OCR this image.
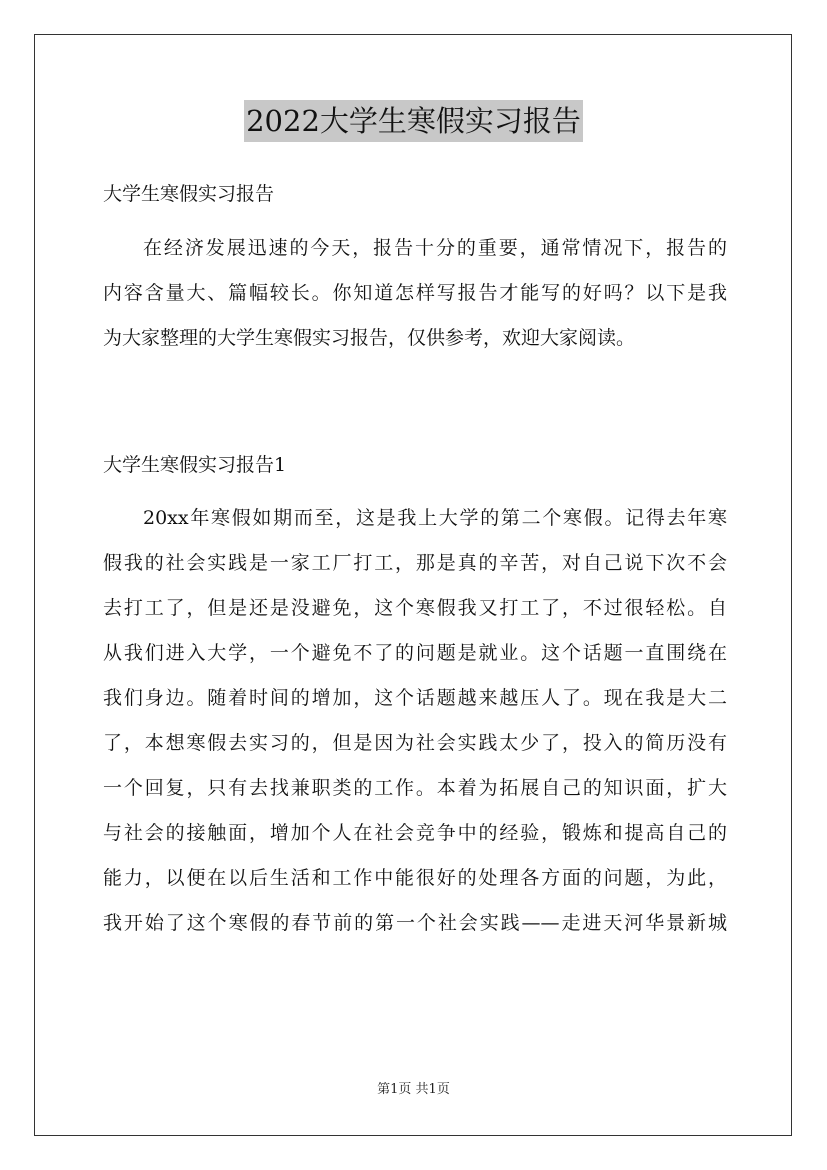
2022大学生寒假实习报告
大学生寒假实习报告
在经济发展迅速的今天，报告十分的重要，通常情况下，报告的
内容含量大、篇幅较长。你知道怎样写报告才能写的好吗？以下是我
为大家整理的大学生寒假实习报告，仅供参考，欢迎大家阅读。
大学生寒假实习报告1
20xx年寒假如期而至，这是我上大学的第二个寒假。记得去年寒
假我的社会实践是一家工厂打工，那是真的辛苦，对自己说下次不会
去打工了，但是还是没避免，这个寒假我又打工了，不过很轻松。自
从我们进入大学，一个避免不了的问题是就业。这个话题一直围绕在
我们身边。随着时间的增加，这个话题越来越压人了。现在我是大二
了，本想寒假去实习的，但是因为社会实践太少了，投入的简历没有
一个回复，只有去找兼职类的工作。本着为拓展自己的知识面，扩大
与社会的接触面，增加个人在社会竞争中的经验，锻炼和提高自己的
能力，以便在以后生活和工作中能很好的处理各方面的问题，为此，
我开始了这个寒假的春节前的第一个社会实践——走进天河华景新城
第1页 共1页
